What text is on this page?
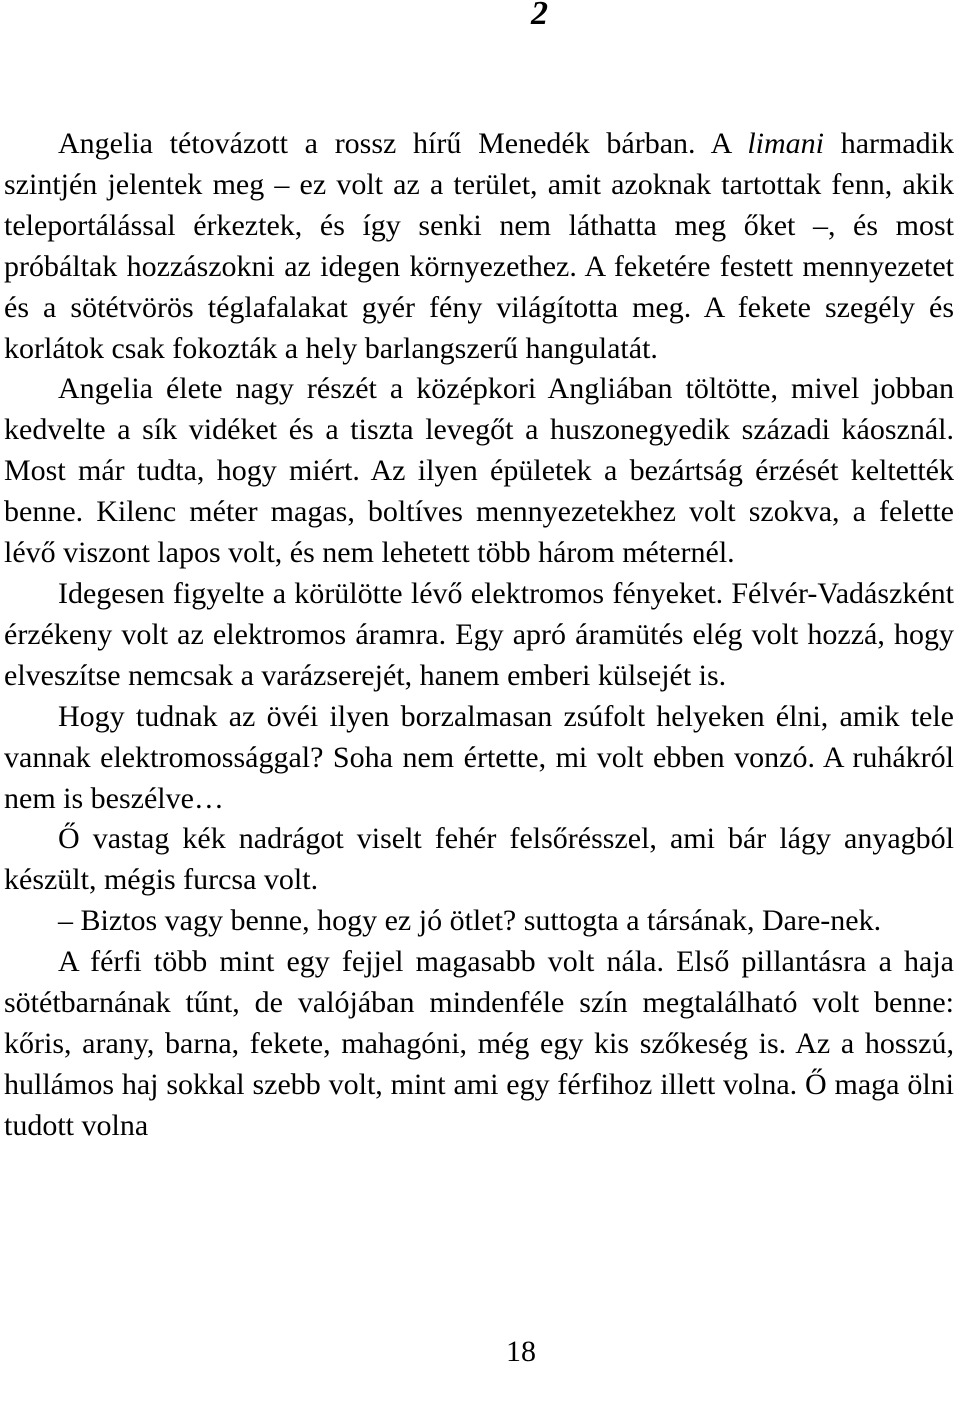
2

Angelia tétovázott a rossz hírű Menedék bárban. A limani harmadik szintjén jelentek meg – ez volt az a terület, amit azoknak tartottak fenn, akik teleportálással érkeztek, és így senki nem láthatta meg őket –, és most próbáltak hozzászokni az idegen környezethez. A feketére festett mennyezetet és a sötétvörös téglafalakat gyér fény világította meg. A fekete szegély és korlátok csak fokozták a hely barlangszerű hangulatát.

Angelia élete nagy részét a középkori Angliában töltötte, mivel jobban kedvelte a sík vidéket és a tiszta levegőt a huszonegyedik századi káosznál. Most már tudta, hogy miért. Az ilyen épületek a bezártság érzését keltették benne. Kilenc méter magas, boltíves mennyezetekhez volt szokva, a felette lévő viszont lapos volt, és nem lehetett több három méternél.

Idegesen figyelte a körülötte lévő elektromos fényeket. Félvér-Vadászként érzékeny volt az elektromos áramra. Egy apró áramütés elég volt hozzá, hogy elveszítse nemcsak a varázserejét, hanem emberi külsejét is.

Hogy tudnak az övéi ilyen borzalmasan zsúfolt helyeken élni, amik tele vannak elektromossággal? Soha nem értette, mi volt ebben vonzó. A ruhákról nem is beszélve…

Ő vastag kék nadrágot viselt fehér felsőrésszel, ami bár lágy anyagból készült, mégis furcsa volt.

– Biztos vagy benne, hogy ez jó ötlet? suttogta a társának, Dare-nek.

A férfi több mint egy fejjel magasabb volt nála. Első pillantásra a haja sötétbarnának tűnt, de valójában mindenféle szín megtalálható volt benne: kőris, arany, barna, fekete, mahagóni, még egy kis szőkeség is. Az a hosszú, hullámos haj sokkal szebb volt, mint ami egy férfihoz illett volna. Ő maga ölni tudott volna

18
